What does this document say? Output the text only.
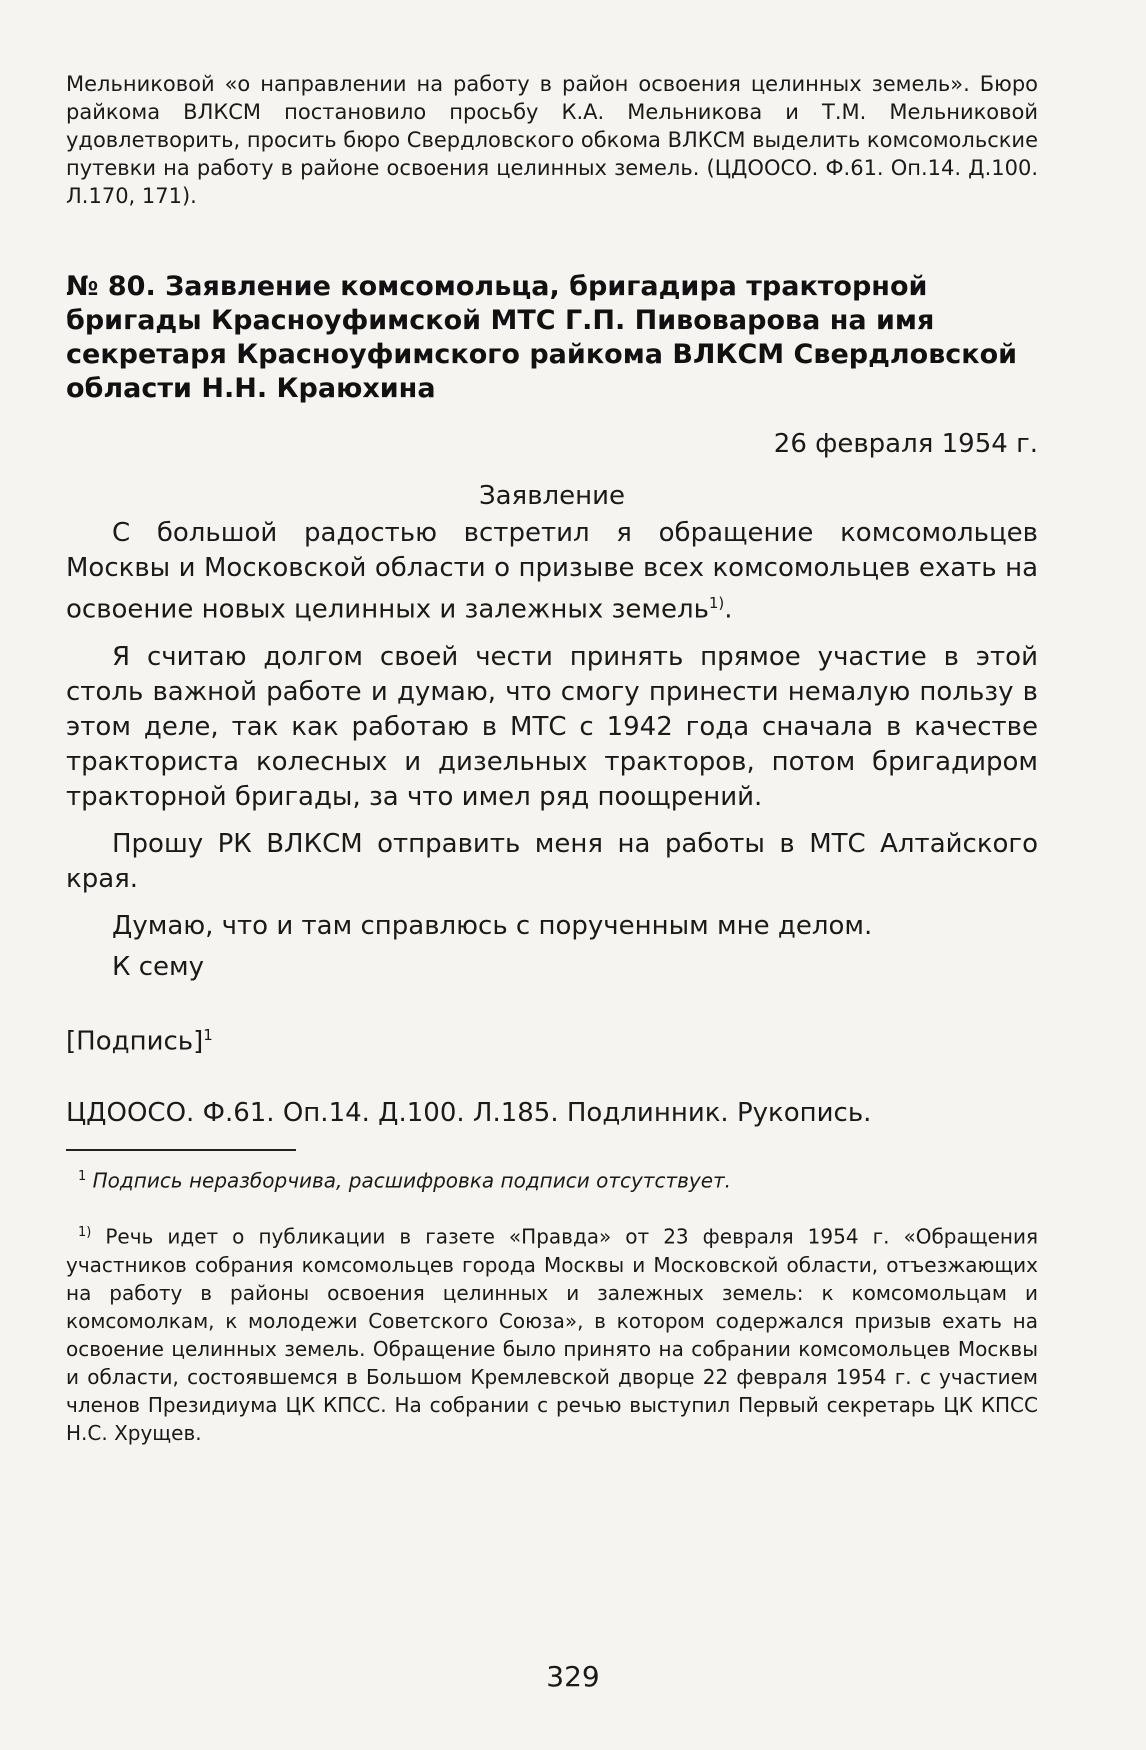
Мельниковой «о направлении на работу в район освоения целинных земель». Бюро райкома ВЛКСМ постановило просьбу К.А. Мельникова и Т.М. Мельниковой удовлетворить, просить бюро Свердловского обкома ВЛКСМ выделить комсомольские путевки на работу в районе освоения целинных земель. (ЦДООСО. Ф.61. Оп.14. Д.100. Л.170, 171).

№ 80. Заявление комсомольца, бригадира тракторной бригады Красноуфимской МТС Г.П. Пивоварова на имя секретаря Красноуфимского райкома ВЛКСМ Свердловской области Н.Н. Краюхина

26 февраля 1954 г.

Заявление

С большой радостью встретил я обращение комсомольцев Москвы и Московской области о призыве всех комсомольцев ехать на освоение новых целинных и залежных земель$^{1)}$.

Я считаю долгом своей чести принять прямое участие в этой столь важной работе и думаю, что смогу принести немалую пользу в этом деле, так как работаю в МТС с 1942 года сначала в качестве тракториста колесных и дизельных тракторов, потом бригадиром тракторной бригады, за что имел ряд поощрений.

Прошу РК ВЛКСМ отправить меня на работы в МТС Алтайского края.

Думаю, что и там справлюсь с порученным мне делом.

К сему

[Подпись]$^1$

ЦДООСО. Ф.61. Оп.14. Д.100. Л.185. Подлинник. Рукопись.

$^1$ Подпись неразборчива, расшифровка подписи отсутствует.

$^{1)}$ Речь идет о публикации в газете «Правда» от 23 февраля 1954 г. «Обращения участников собрания комсомольцев города Москвы и Московской области, отъезжающих на работу в районы освоения целинных и залежных земель: к комсомольцам и комсомолкам, к молодежи Советского Союза», в котором содержался призыв ехать на освоение целинных земель. Обращение было принято на собрании комсомольцев Москвы и области, состоявшемся в Большом Кремлевской дворце 22 февраля 1954 г. с участием членов Президиума ЦК КПСС. На собрании с речью выступил Первый секретарь ЦК КПСС Н.С. Хрущев.

329
